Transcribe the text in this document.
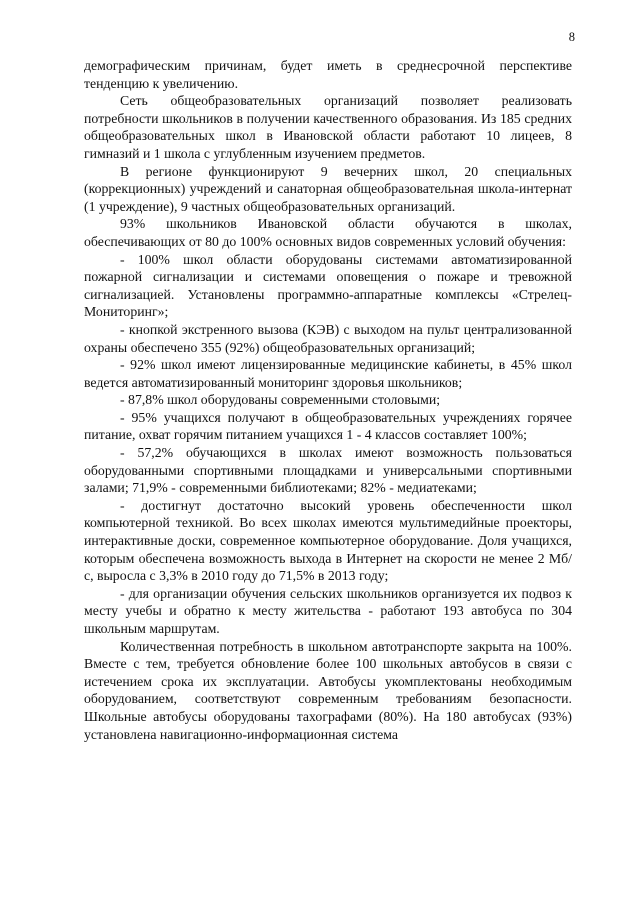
8

демографическим причинам, будет иметь в среднесрочной перспективе тенденцию к увеличению.

Сеть общеобразовательных организаций позволяет реализовать потребности школьников в получении качественного образования. Из 185 средних общеобразовательных школ в Ивановской области работают 10 лицеев, 8 гимназий и 1 школа с углубленным изучением предметов.

В регионе функционируют 9 вечерних школ, 20 специальных (коррекционных) учреждений и санаторная общеобразовательная школа-интернат (1 учреждение), 9 частных общеобразовательных организаций.

93% школьников Ивановской области обучаются в школах, обеспечивающих от 80 до 100% основных видов современных условий обучения:

- 100% школ области оборудованы системами автоматизированной пожарной сигнализации и системами оповещения о пожаре и тревожной сигнализацией. Установлены программно-аппаратные комплексы «Стрелец-Мониторинг»;

- кнопкой экстренного вызова (КЭВ) с выходом на пульт централизованной охраны обеспечено 355 (92%) общеобразовательных организаций;

- 92% школ имеют лицензированные медицинские кабинеты, в 45% школ ведется автоматизированный мониторинг здоровья школьников;

- 87,8% школ оборудованы современными столовыми;

- 95% учащихся получают в общеобразовательных учреждениях горячее питание, охват горячим питанием учащихся 1 - 4 классов составляет 100%;

- 57,2% обучающихся в школах имеют возможность пользоваться оборудованными спортивными площадками и универсальными спортивными залами; 71,9% - современными библиотеками; 82% - медиатеками;

- достигнут достаточно высокий уровень обеспеченности школ компьютерной техникой. Во всех школах имеются мультимедийные проекторы, интерактивные доски, современное компьютерное оборудование. Доля учащихся, которым обеспечена возможность выхода в Интернет на скорости не менее 2 Мб/с, выросла с 3,3% в 2010 году до 71,5% в 2013 году;

- для организации обучения сельских школьников организуется их подвоз к месту учебы и обратно к месту жительства - работают 193 автобуса по 304 школьным маршрутам.

Количественная потребность в школьном автотранспорте закрыта на 100%. Вместе с тем, требуется обновление более 100 школьных автобусов в связи с истечением срока их эксплуатации. Автобусы укомплектованы необходимым оборудованием, соответствуют современным требованиям безопасности. Школьные автобусы оборудованы тахографами (80%). На 180 автобусах (93%) установлена навигационно-информационная система
